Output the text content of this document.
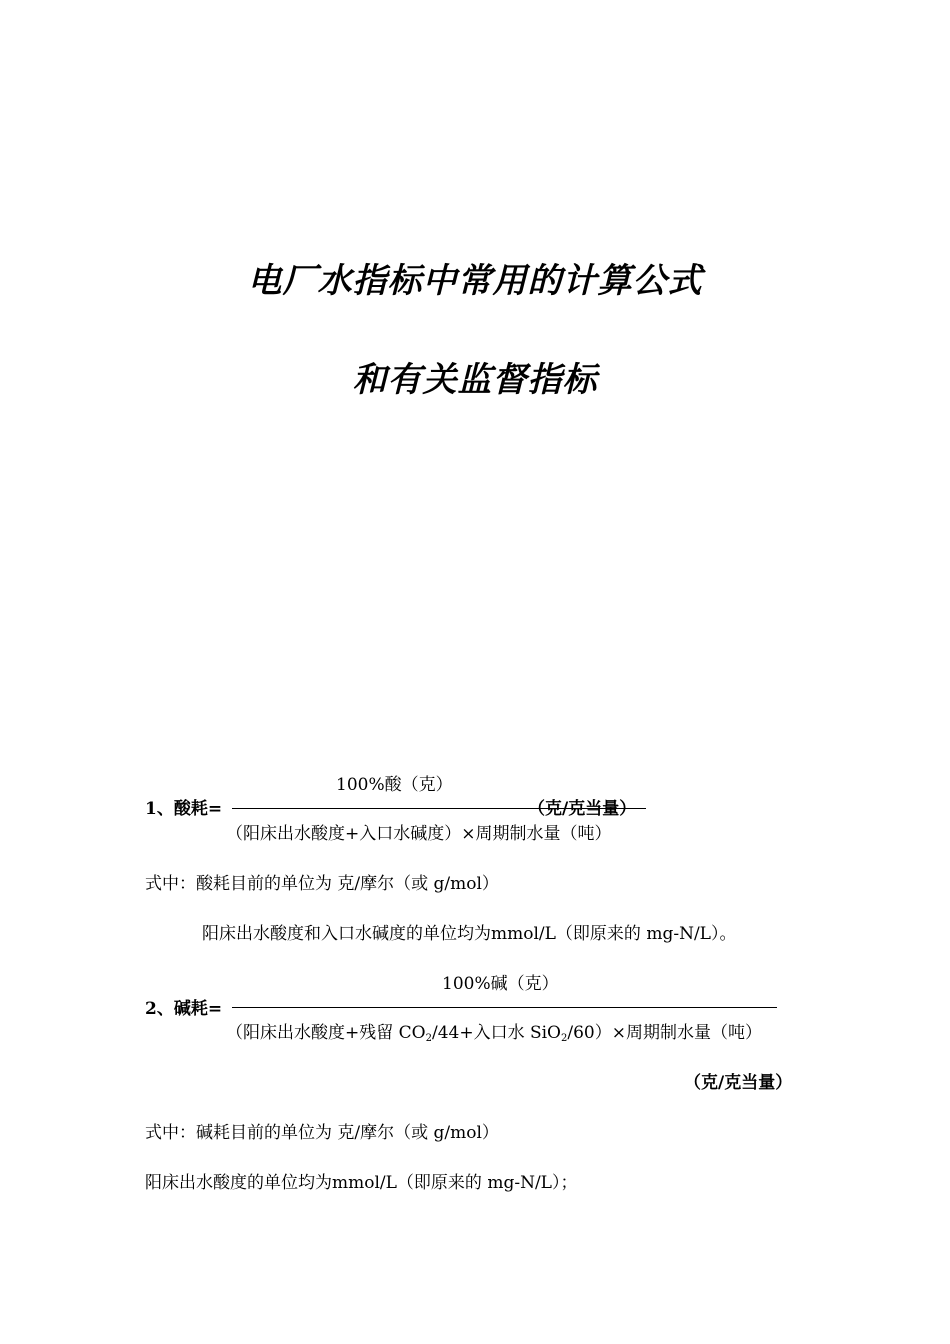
电厂水指标中常用的计算公式
和有关监督指标
100%酸（克）
1、酸耗=	（克/克当量）
（阳床出水酸度+入口水碱度）×周期制水量（吨）
式中：酸耗目前的单位为 克/摩尔（或 g/mol）
阳床出水酸度和入口水碱度的单位均为mmol/L（即原来的 mg-N/L）。
100%碱（克）
2、碱耗=
（阳床出水酸度+残留 $CO_2/44+$入口水 SiO$_2$/60）×周期制水量（吨）
（克/克当量）
式中：碱耗目前的单位为 克/摩尔（或 g/mol）
阳床出水酸度的单位均为mmol/L（即原来的 mg-N/L）；
